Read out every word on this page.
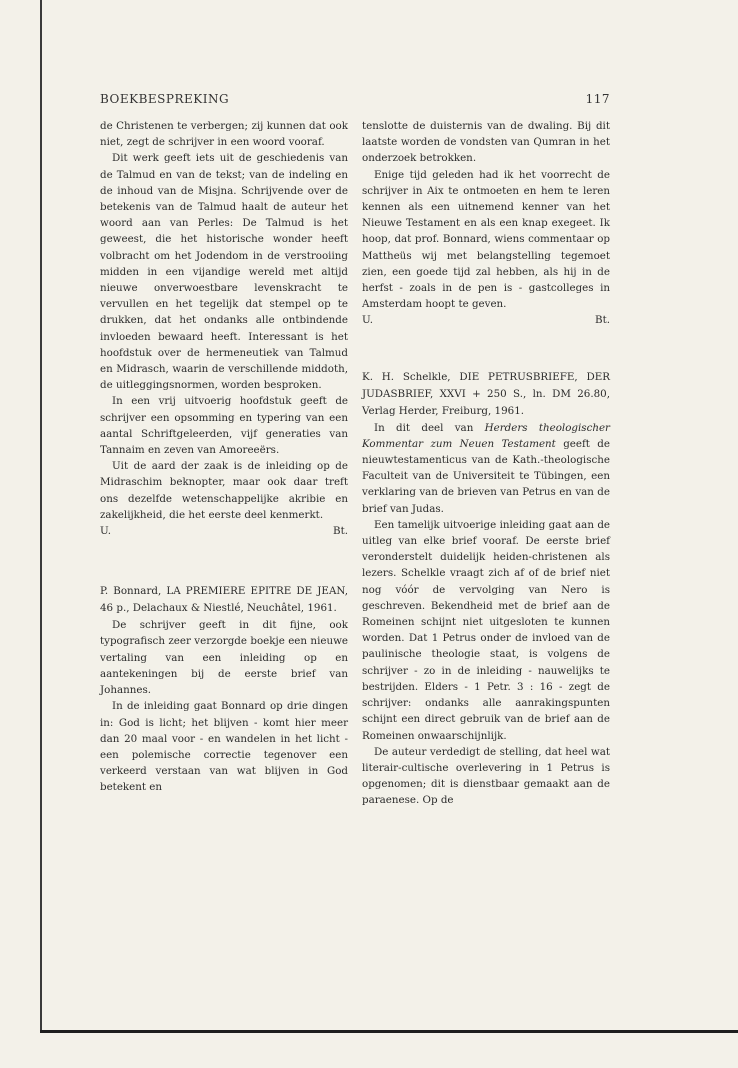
BOEKBESPREKING	117

de Christenen te verbergen; zij kunnen dat ook niet, zegt de schrijver in een woord vooraf.

Dit werk geeft iets uit de geschiedenis van de Talmud en van de tekst; van de indeling en de inhoud van de Misjna. Schrijvende over de betekenis van de Talmud haalt de auteur het woord aan van Perles: De Talmud is het geweest, die het historische wonder heeft volbracht om het Jodendom in de verstrooiing midden in een vijandige wereld met altijd nieuwe onverwoestbare levenskracht te vervullen en het tegelijk dat stempel op te drukken, dat het ondanks alle ontbindende invloeden bewaard heeft. Interessant is het hoofdstuk over de hermeneutiek van Talmud en Midrasch, waarin de verschillende middoth, de uitleggingsnormen, worden besproken.

In een vrij uitvoerig hoofdstuk geeft de schrijver een opsomming en typering van een aantal Schriftgeleerden, vijf generaties van Tannaim en zeven van Amoreeërs.

Uit de aard der zaak is de inleiding op de Midraschim beknopter, maar ook daar treft ons dezelfde wetenschappelijke akribie en zakelijkheid, die het eerste deel kenmerkt.

U.	Bt.

P. Bonnard, LA PREMIERE EPITRE DE JEAN, 46 p., Delachaux & Niestlé, Neuchâtel, 1961.

De schrijver geeft in dit fijne, ook typografisch zeer verzorgde boekje een nieuwe vertaling van een inleiding op en aantekeningen bij de eerste brief van Johannes.

In de inleiding gaat Bonnard op drie dingen in: God is licht; het blijven - komt hier meer dan 20 maal voor - en wandelen in het licht - een polemische correctie tegenover een verkeerd verstaan van wat blijven in God betekent en

tenslotte de duisternis van de dwaling. Bij dit laatste worden de vondsten van Qumran in het onderzoek betrokken.

Enige tijd geleden had ik het voorrecht de schrijver in Aix te ontmoeten en hem te leren kennen als een uitnemend kenner van het Nieuwe Testament en als een knap exegeet. Ik hoop, dat prof. Bonnard, wiens commentaar op Mattheüs wij met belangstelling tegemoet zien, een goede tijd zal hebben, als hij in de herfst - zoals in de pen is - gastcolleges in Amsterdam hoopt te geven.

U.	Bt.

K. H. Schelkle, DIE PETRUSBRIEFE, DER JUDASBRIEF, XXVI + 250 S., ln. DM 26.80, Verlag Herder, Freiburg, 1961.

In dit deel van Herders theologischer Kommentar zum Neuen Testament geeft de nieuwtestamenticus van de Kath.-theologische Faculteit van de Universiteit te Tübingen, een verklaring van de brieven van Petrus en van de brief van Judas.

Een tamelijk uitvoerige inleiding gaat aan de uitleg van elke brief vooraf. De eerste brief veronderstelt duidelijk heiden-christenen als lezers. Schelkle vraagt zich af of de brief niet nog vóór de vervolging van Nero is geschreven. Bekendheid met de brief aan de Romeinen schijnt niet uitgesloten te kunnen worden. Dat 1 Petrus onder de invloed van de paulinische theologie staat, is volgens de schrijver - zo in de inleiding - nauwelijks te bestrijden. Elders - 1 Petr. 3 : 16 - zegt de schrijver: ondanks alle aanrakingspunten schijnt een direct gebruik van de brief aan de Romeinen onwaarschijnlijk.

De auteur verdedigt de stelling, dat heel wat literair-cultische overlevering in 1 Petrus is opgenomen; dit is dienstbaar gemaakt aan de paraenese. Op de
